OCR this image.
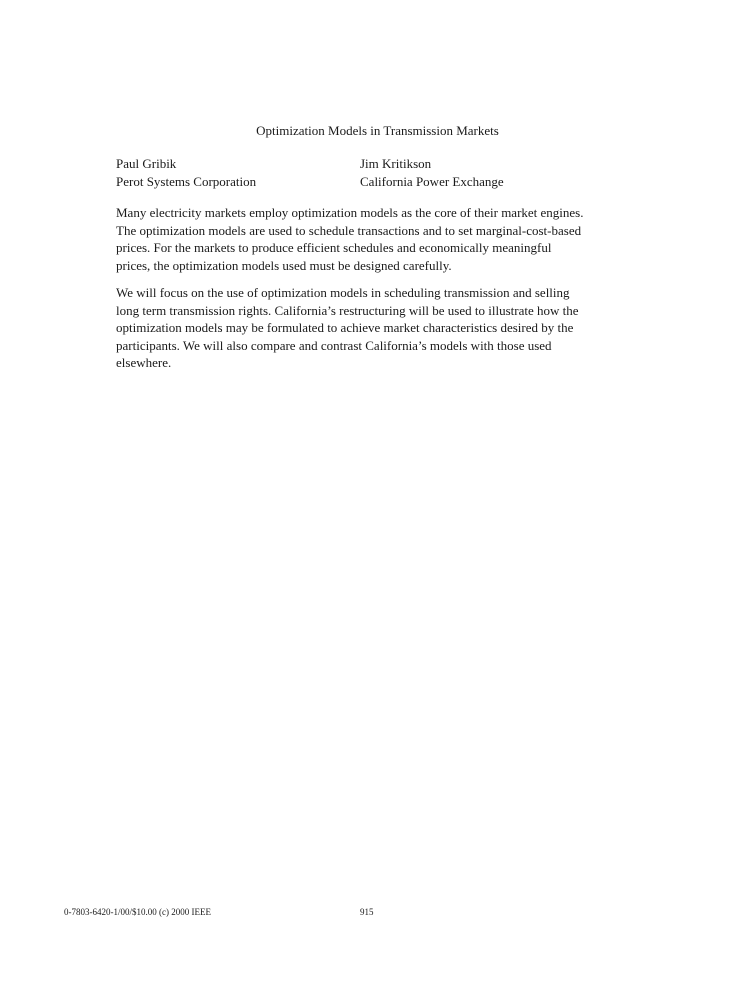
Optimization Models in Transmission Markets
Paul Gribik
Perot Systems Corporation
Jim Kritikson
California Power Exchange

Many electricity markets employ optimization models as the core of their market engines.
The optimization models are used to schedule transactions and to set marginal-cost-based
prices. For the markets to produce efficient schedules and economically meaningful
prices, the optimization models used must be designed carefully.

We will focus on the use of optimization models in scheduling transmission and selling
long term transmission rights. California’s restructuring will be used to illustrate how the
optimization models may be formulated to achieve market characteristics desired by the
participants. We will also compare and contrast California’s models with those used
elsewhere.

0-7803-6420-1/00/$10.00 (c) 2000 IEEE	915
